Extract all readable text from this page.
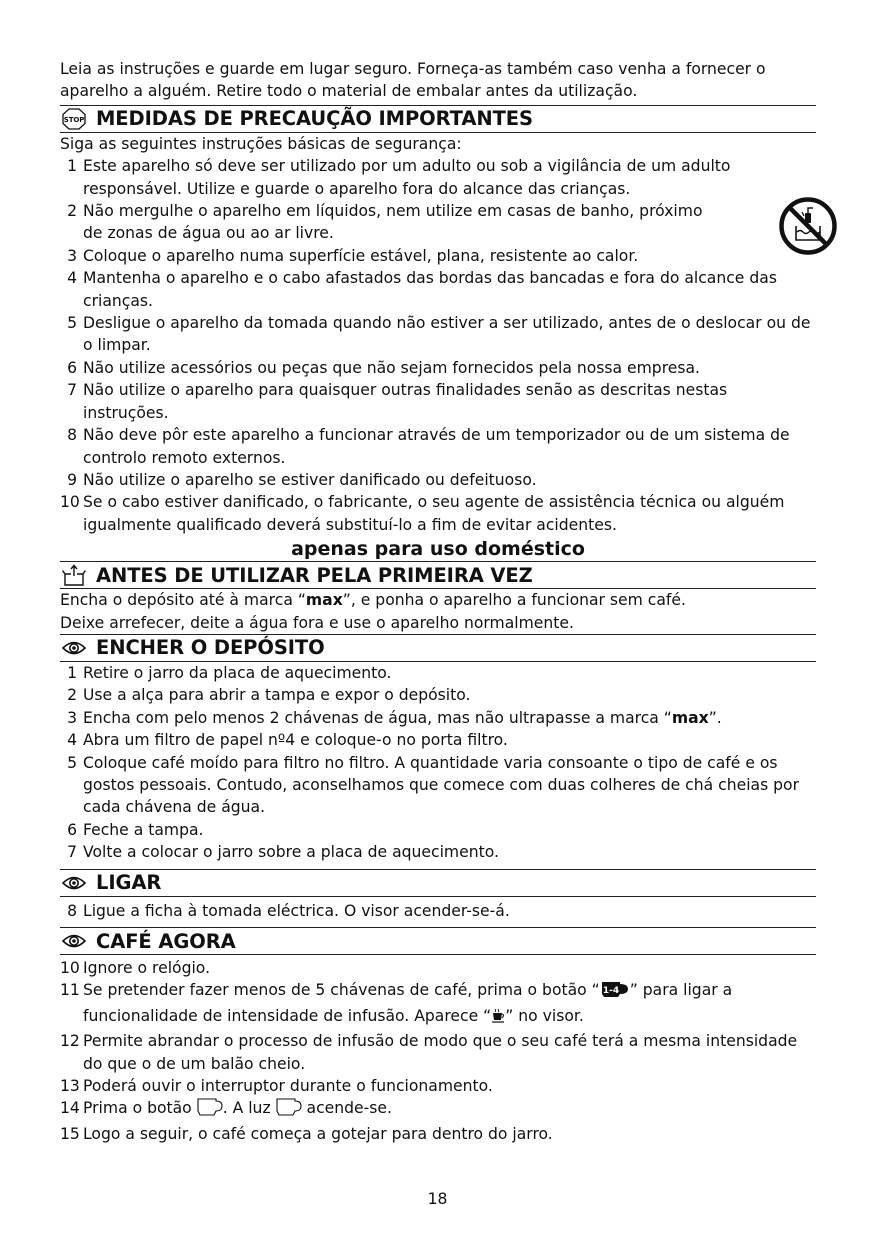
Leia as instruções e guarde em lugar seguro. Forneça-as também caso venha a fornecer o aparelho a alguém. Retire todo o material de embalar antes da utilização.

STOP MEDIDAS DE PRECAUÇÃO IMPORTANTES

Siga as seguintes instruções básicas de segurança:

1 Este aparelho só deve ser utilizado por um adulto ou sob a vigilância de um adulto responsável. Utilize e guarde o aparelho fora do alcance das crianças.
2 Não mergulhe o aparelho em líquidos, nem utilize em casas de banho, próximo de zonas de água ou ao ar livre.
3 Coloque o aparelho numa superfície estável, plana, resistente ao calor.
4 Mantenha o aparelho e o cabo afastados das bordas das bancadas e fora do alcance das crianças.
5 Desligue o aparelho da tomada quando não estiver a ser utilizado, antes de o deslocar ou de o limpar.
6 Não utilize acessórios ou peças que não sejam fornecidos pela nossa empresa.
7 Não utilize o aparelho para quaisquer outras finalidades senão as descritas nestas instruções.
8 Não deve pôr este aparelho a funcionar através de um temporizador ou de um sistema de controlo remoto externos.
9 Não utilize o aparelho se estiver danificado ou defeituoso.
10 Se o cabo estiver danificado, o fabricante, o seu agente de assistência técnica ou alguém igualmente qualificado deverá substituí-lo a fim de evitar acidentes.

apenas para uso doméstico

ANTES DE UTILIZAR PELA PRIMEIRA VEZ

Encha o depósito até à marca “max”, e ponha o aparelho a funcionar sem café.

Deixe arrefecer, deite a água fora e use o aparelho normalmente.

ENCHER O DEPÓSITO
1 Retire o jarro da placa de aquecimento.
2 Use a alça para abrir a tampa e expor o depósito.
3 Encha com pelo menos 2 chávenas de água, mas não ultrapasse a marca “max”.
4 Abra um filtro de papel nº4 e coloque-o no porta filtro.
5 Coloque café moído para filtro no filtro. A quantidade varia consoante o tipo de café e os gostos pessoais. Contudo, aconselhamos que comece com duas colheres de chá cheias por cada chávena de água.
6 Feche a tampa.
7 Volte a colocar o jarro sobre a placa de aquecimento.
LIGAR
8 Ligue a ficha à tomada eléctrica. O visor acender-se-á.
CAFÉ AGORA
10 Ignore o relógio.
11 Se pretender fazer menos de 5 chávenas de café, prima o botão “ 1-4 ” para ligar a funcionalidade de intensidade de infusão. Aparece “ ” no visor.
12 Permite abrandar o processo de infusão de modo que o seu café terá a mesma intensidade do que o de um balão cheio.
13 Poderá ouvir o interruptor durante o funcionamento.
14 Prima o botão . A luz  acende-se.
15 Logo a seguir, o café começa a gotejar para dentro do jarro.
18
